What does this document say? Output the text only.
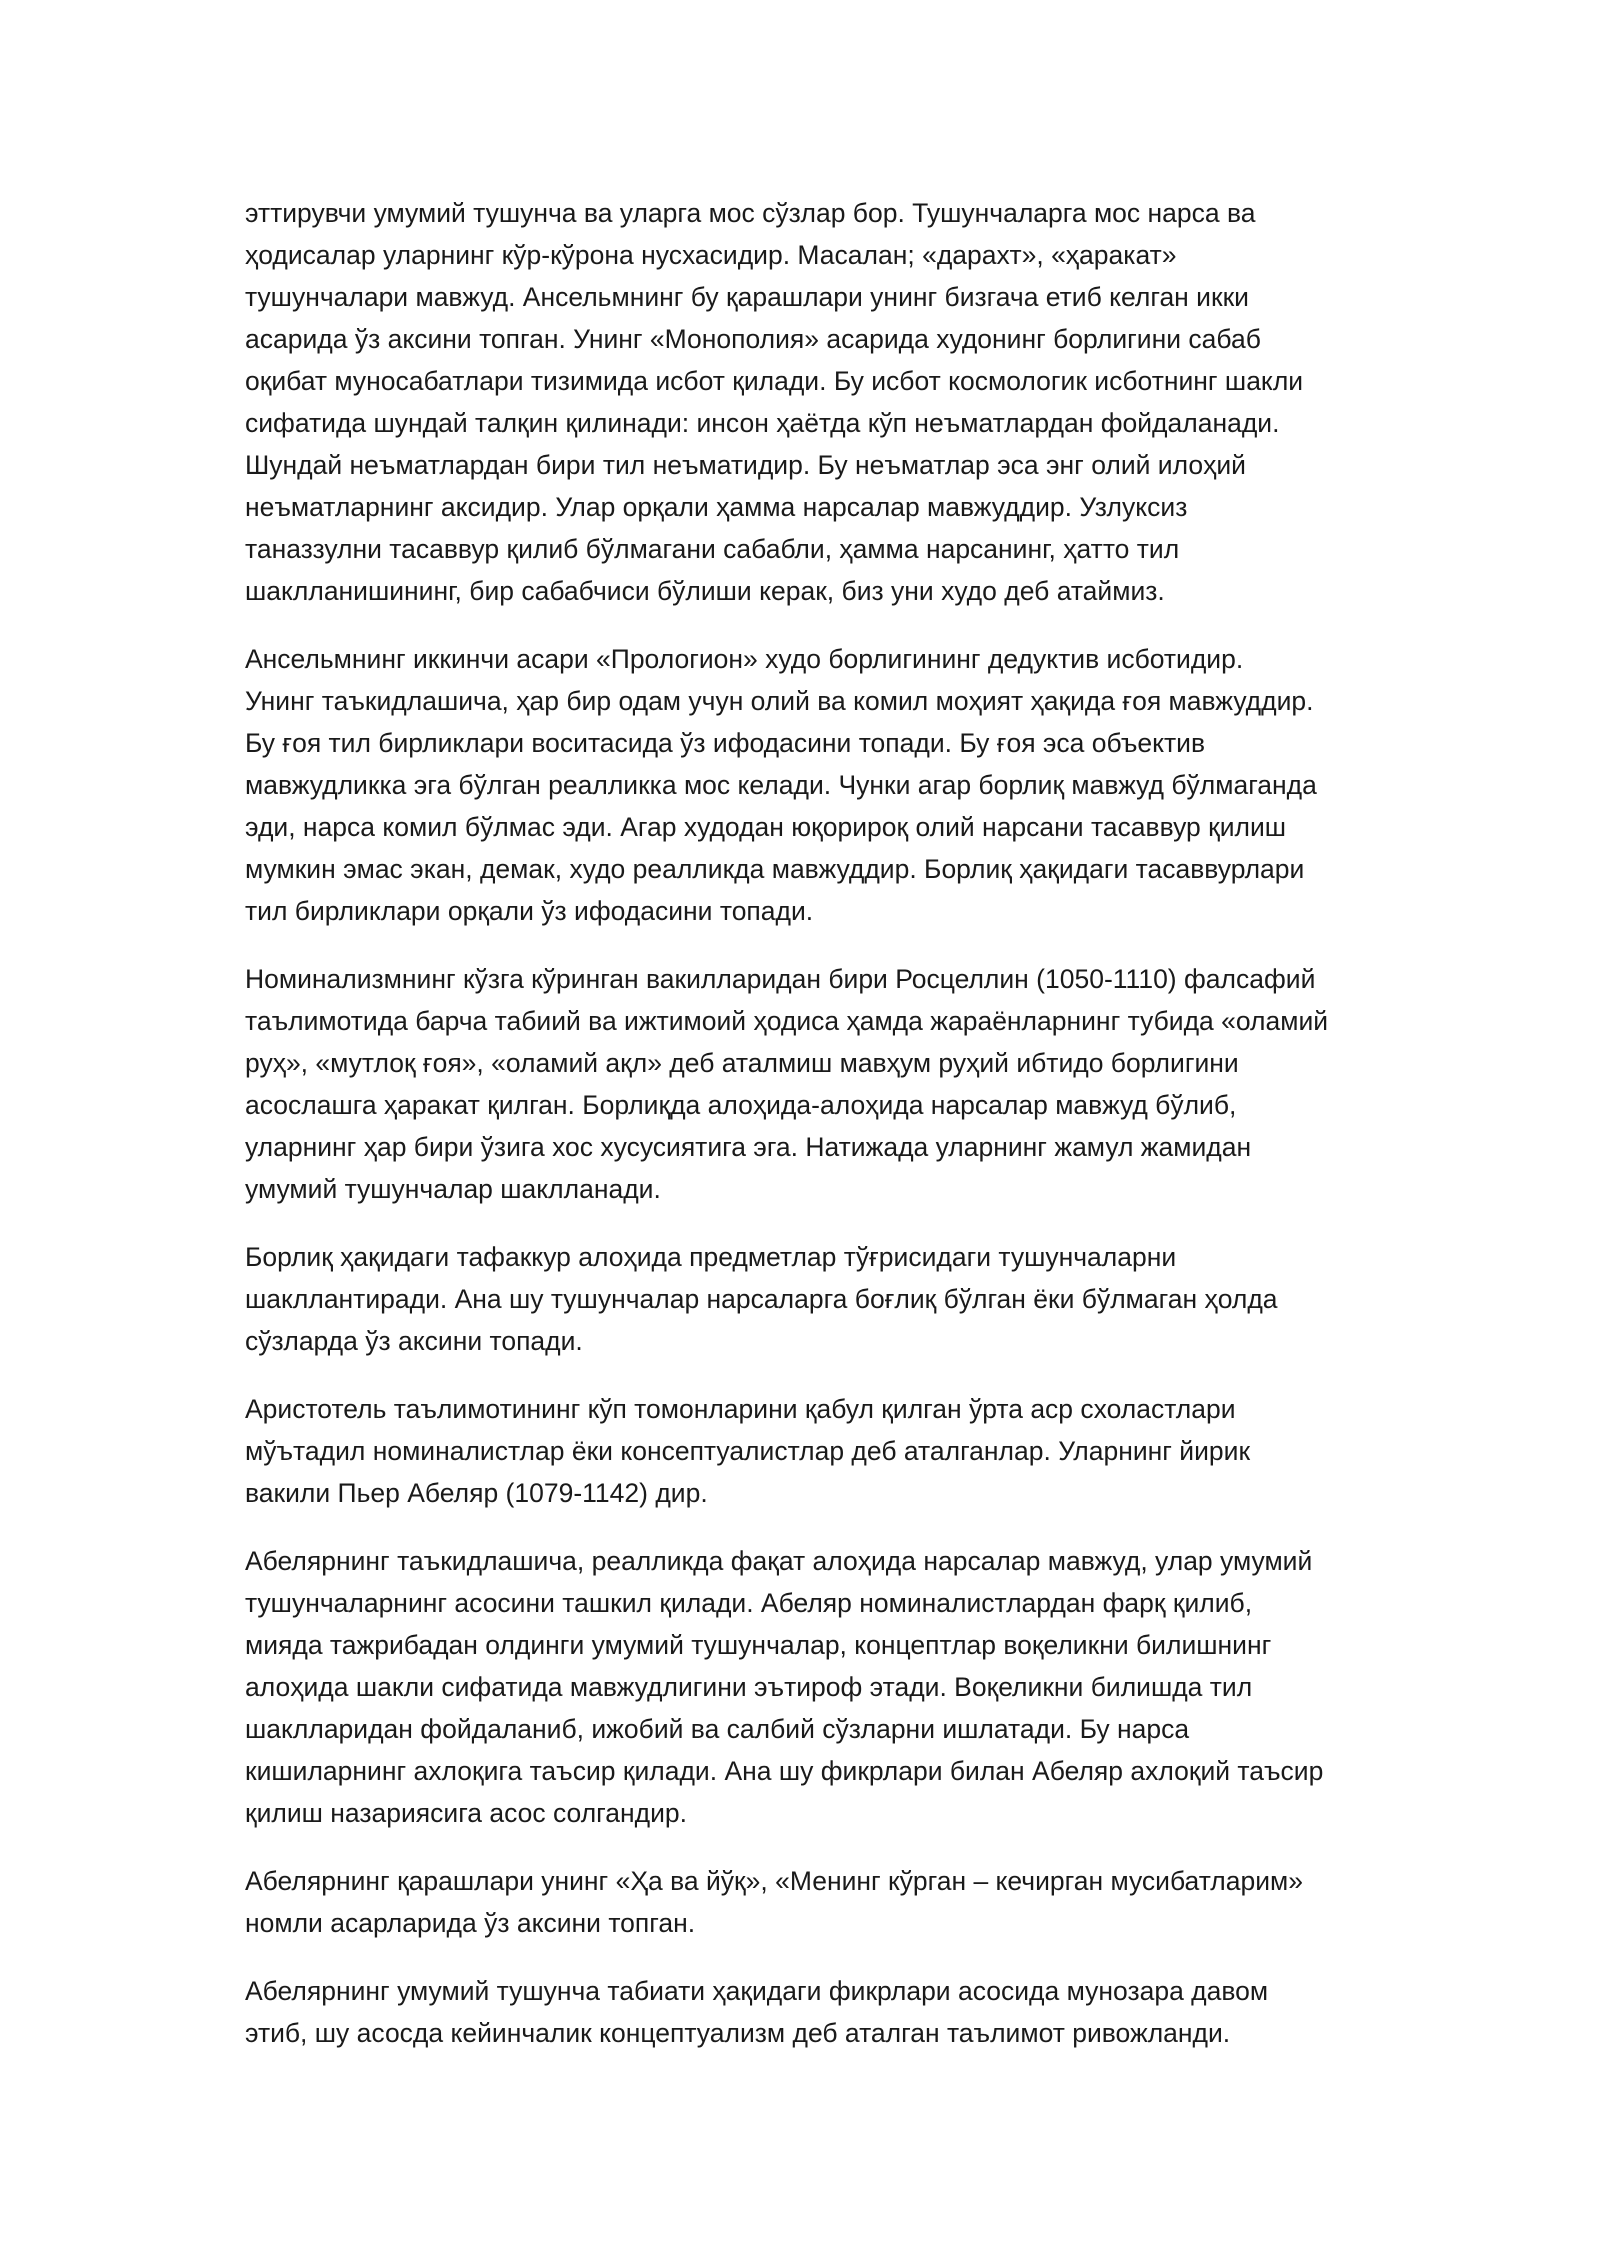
эттирувчи умумий тушунча ва уларга мос сўзлар бор. Тушунчаларга мос нарса ва
ҳодисалар уларнинг кўр-кўрона нусхасидир. Масалан; «дарахт», «ҳаракат»
тушунчалари мавжуд. Ансельмнинг бу қарашлари унинг бизгача етиб келган икки
асарида ўз аксини топган. Унинг «Монополия» асарида худонинг борлигини сабаб
оқибат муносабатлари тизимида исбот қилади. Бу исбот космологик исботнинг шакли
сифатида шундай талқин қилинади: инсон ҳаётда кўп неъматлардан фойдаланади.
Шундай неъматлардан бири тил неъматидир. Бу неъматлар эса энг олий илоҳий
неъматларнинг аксидир. Улар орқали ҳамма нарсалар мавжуддир. Узлуксиз
таназзулни тасаввур қилиб бўлмагани сабабли, ҳамма нарсанинг, ҳатто тил
шаклланишининг, бир сабабчиси бўлиши керак, биз уни худо деб атаймиз.

Ансельмнинг иккинчи асари «Прологион» худо борлигининг дедуктив исботидир.
Унинг таъкидлашича, ҳар бир одам учун олий ва комил моҳият ҳақида ғоя мавжуддир.
Бу ғоя тил бирликлари воситасида ўз ифодасини топади. Бу ғоя эса объектив
мавжудликка эга бўлган реалликка мос келади. Чунки агар борлиқ мавжуд бўлмаганда
эди, нарса комил бўлмас эди. Агар худодан юқорироқ олий нарсани тасаввур қилиш
мумкин эмас экан, демак, худо реалликда мавжуддир. Борлиқ ҳақидаги тасаввурлари
тил бирликлари орқали ўз ифодасини топади.

Номинализмнинг кўзга кўринган вакилларидан бири Росцеллин (1050-1110) фалсафий
таълимотида барча табиий ва ижтимоий ҳодиса ҳамда жараёнларнинг тубида «оламий
руҳ», «мутлоқ ғоя», «оламий ақл» деб аталмиш мавҳум руҳий ибтидо борлигини
асослашга ҳаракат қилган. Борлиқда алоҳида-алоҳида нарсалар мавжуд бўлиб,
уларнинг ҳар бири ўзига хос хусусиятига эга. Натижада уларнинг жамул жамидан
умумий тушунчалар шаклланади.

Борлиқ ҳақидаги тафаккур алоҳида предметлар тўғрисидаги тушунчаларни
шакллантиради. Ана шу тушунчалар нарсаларга боғлиқ бўлган ёки бўлмаган ҳолда
сўзларда ўз аксини топади.

Аристотель таълимотининг кўп томонларини қабул қилган ўрта аср схоластлари
мўътадил номиналистлар ёки консептуалистлар деб аталганлар. Уларнинг йирик
вакили Пьер Абеляр (1079-1142) дир.

Абелярнинг таъкидлашича, реалликда фақат алоҳида нарсалар мавжуд, улар умумий
тушунчаларнинг асосини ташкил қилади. Абеляр номиналистлардан фарқ қилиб,
мияда тажрибадан олдинги умумий тушунчалар, концептлар воқеликни билишнинг
алоҳида шакли сифатида мавжудлигини эътироф этади. Воқеликни билишда тил
шаклларидан фойдаланиб, ижобий ва салбий сўзларни ишлатади. Бу нарса
кишиларнинг ахлоқига таъсир қилади. Ана шу фикрлари билан Абеляр ахлоқий таъсир
қилиш назариясига асос солгандир.

Абелярнинг қарашлари унинг «Ҳа ва йўқ», «Менинг кўрган – кечирган мусибатларим»
номли асарларида ўз аксини топган.

Абелярнинг умумий тушунча табиати ҳақидаги фикрлари асосида мунозара давом
этиб, шу асосда кейинчалик концептуализм деб аталган таълимот ривожланди.
